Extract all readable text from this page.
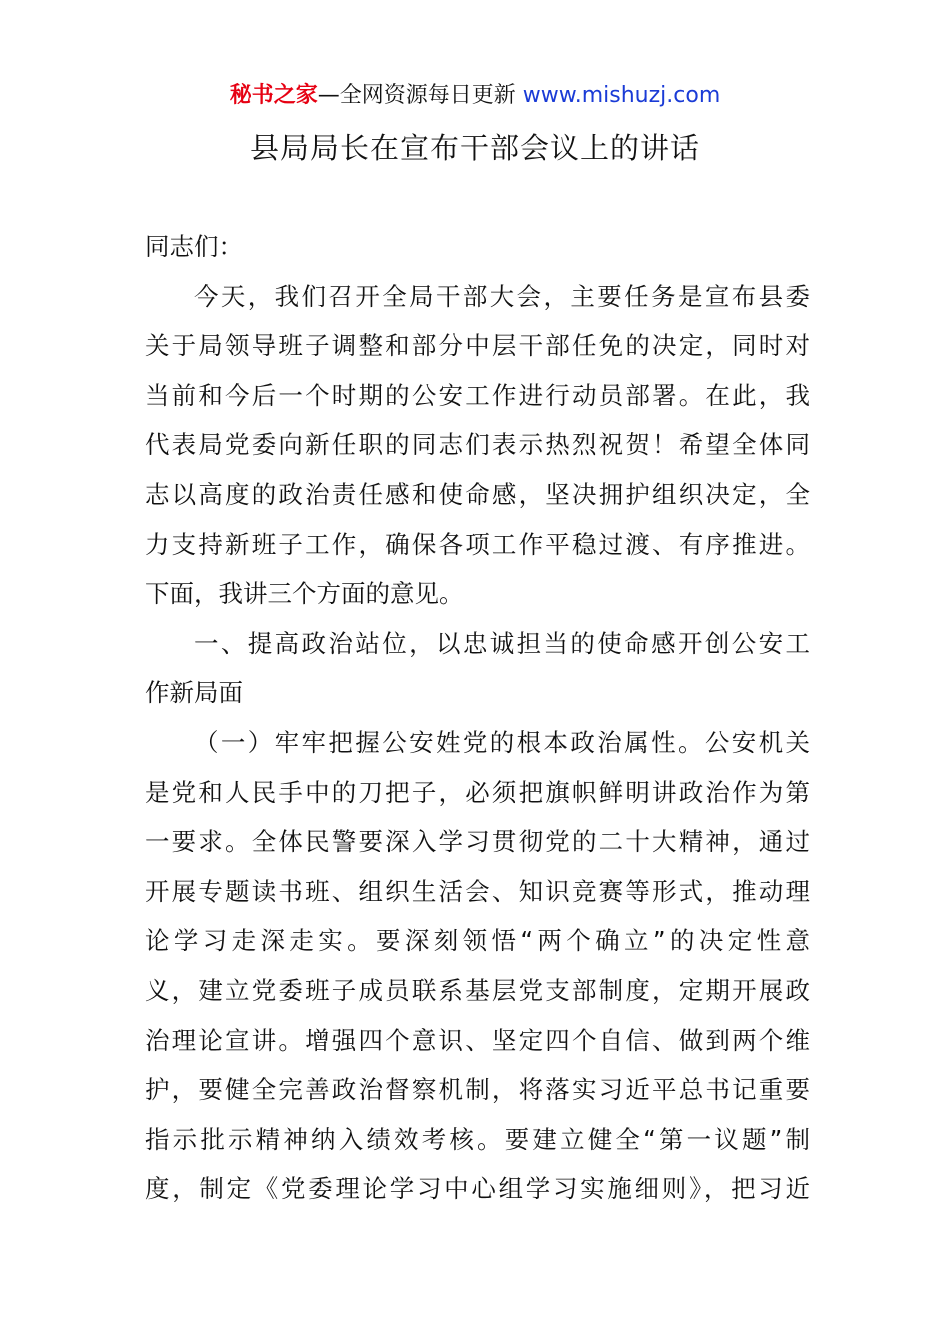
秘书之家—全网资源每日更新 www.mishuzj.com
县局局长在宣布干部会议上的讲话
同志们：
今天，我们召开全局干部大会，主要任务是宣布县委
关于局领导班子调整和部分中层干部任免的决定，同时对
当前和今后一个时期的公安工作进行动员部署。在此，我
代表局党委向新任职的同志们表示热烈祝贺！希望全体同
志以高度的政治责任感和使命感，坚决拥护组织决定，全
力支持新班子工作，确保各项工作平稳过渡、有序推进。
下面，我讲三个方面的意见。
一、提高政治站位，以忠诚担当的使命感开创公安工
作新局面
（一）牢牢把握公安姓党的根本政治属性。公安机关
是党和人民手中的刀把子，必须把旗帜鲜明讲政治作为第
一要求。全体民警要深入学习贯彻党的二十大精神，通过
开展专题读书班、组织生活会、知识竞赛等形式，推动理
论学习走深走实。要深刻领悟“两个确立”的决定性意
义，建立党委班子成员联系基层党支部制度，定期开展政
治理论宣讲。增强四个意识、坚定四个自信、做到两个维
护，要健全完善政治督察机制，将落实习近平总书记重要
指示批示精神纳入绩效考核。要建立健全“第一议题”制
度，制定《党委理论学习中心组学习实施细则》，把习近
